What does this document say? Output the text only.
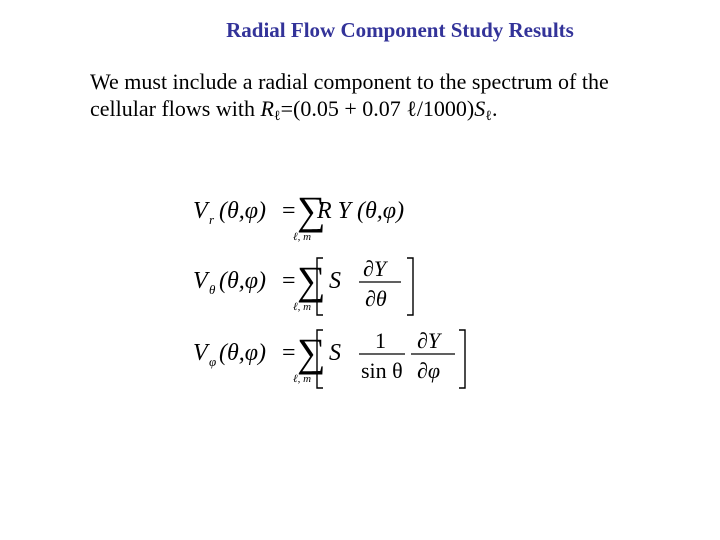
Radial Flow Component Study Results
We must include a radial component to the spectrum of the
cellular flows with $R_\ell=(0.05 + 0.07$ $\ell/1000)S_\ell$.
V r (θ,φ) = ∑
ℓ, m
R Y (θ,φ)
V θ (θ,φ) = ∑
ℓ, m
S ∂Y
∂θ
V φ (θ,φ) = ∑
ℓ, m
S 1
sin θ
∂Y
∂φ
